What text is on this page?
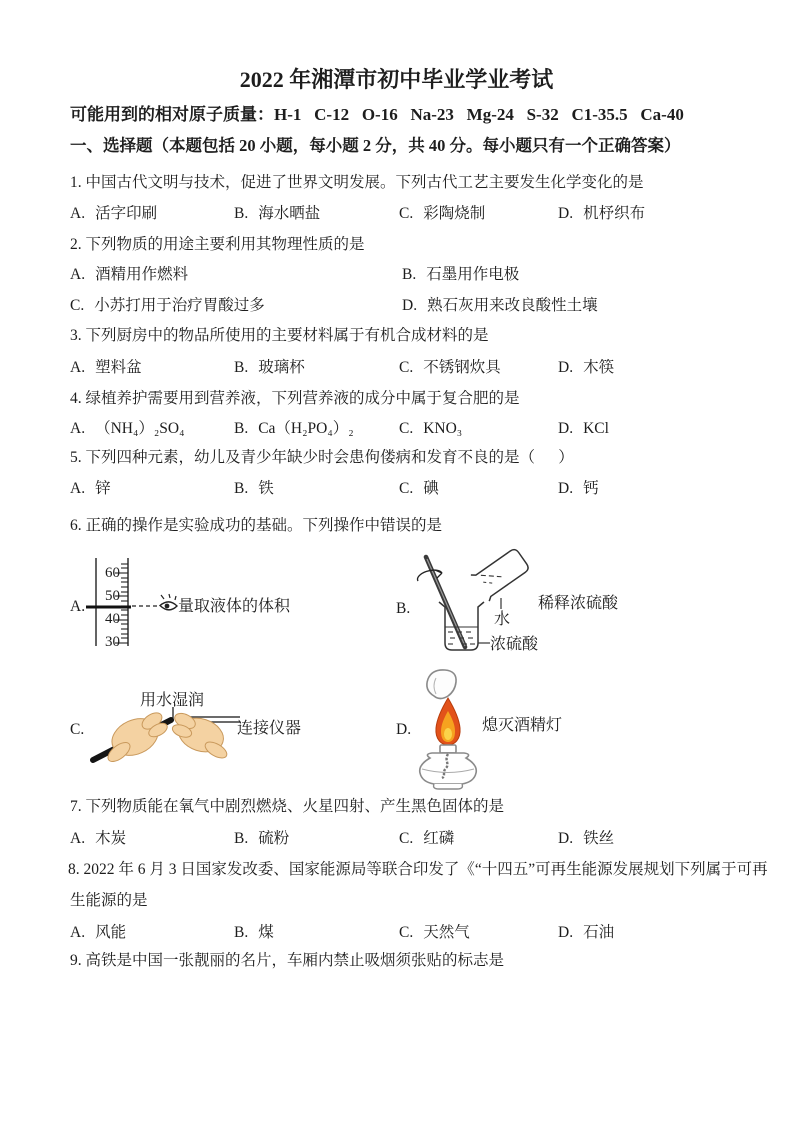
2022 年湘潭市初中毕业学业考试
可能用到的相对原子质量：H-1   C-12   O-16   Na-23   Mg-24   S-32   C1-35.5   Ca-40
一、选择题（本题包括 20 小题，每小题 2 分，共 40 分。每小题只有一个正确答案）
1. 中国古代文明与技术，促进了世界文明发展。下列古代工艺主要发生化学变化的是
A. 活字印刷	B. 海水晒盐	C. 彩陶烧制	D. 机杼织布
2. 下列物质的用途主要利用其物理性质的是
A. 酒精用作燃料	B. 石墨用作电极
C. 小苏打用于治疗胃酸过多	D. 熟石灰用来改良酸性土壤
3. 下列厨房中的物品所使用的主要材料属于有机合成材料的是
A. 塑料盆	B. 玻璃杯	C. 不锈钢炊具	D. 木筷
4. 绿植养护需要用到营养液，下列营养液的成分中属于复合肥的是
A. （NH₄）₂SO₄	B. Ca（H₂PO₄）₂	C. KNO₃	D. KCl
5. 下列四种元素，幼儿及青少年缺少时会患佝偻病和发育不良的是（      ）
A. 锌	B. 铁	C. 碘	D. 钙
6. 正确的操作是实验成功的基础。下列操作中错误的是
A.
60
50
40
30
量取液体的体积	B.
水
浓硫酸
稀释浓硫酸
C.
用水湿润
连接仪器	D.	熄灭酒精灯
7. 下列物质能在氧气中剧烈燃烧、火星四射、产生黑色固体的是
A. 木炭	B. 硫粉	C. 红磷	D. 铁丝
8. 2022 年 6 月 3 日国家发改委、国家能源局等联合印发了《“十四五”可再生能源发展规划下列属于可再
生能源的是
A. 风能	B. 煤	C. 天然气	D. 石油
9. 高铁是中国一张靓丽的名片，车厢内禁止吸烟须张贴的标志是
